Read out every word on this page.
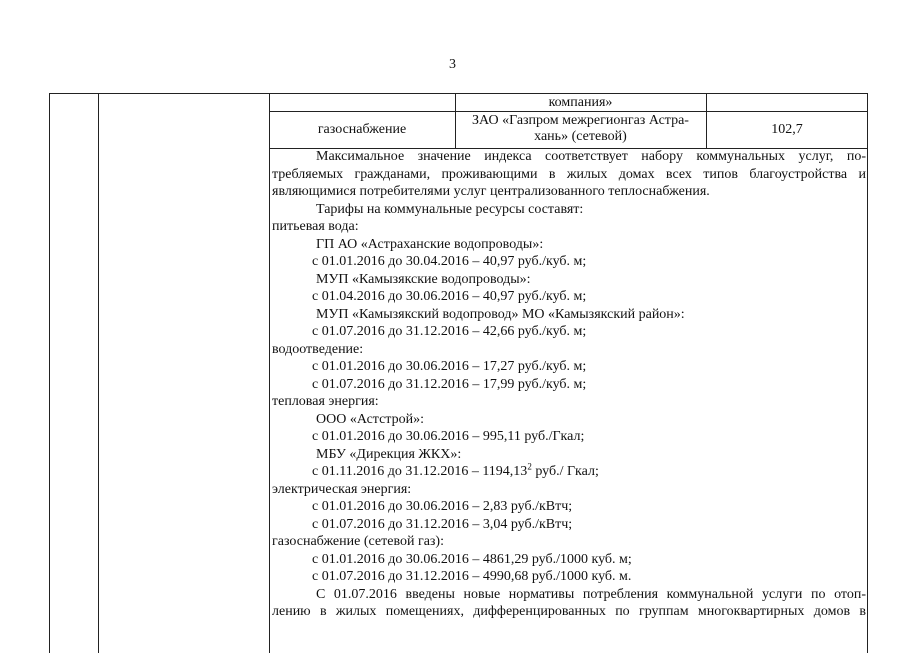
3
компания»
газоснабжение
ЗАО «Газпром межрегионгаз Астра-
хань» (сетевой)	102,7
Максимальное значение индекса соответствует набору коммунальных услуг, по-
требляемых гражданами, проживающими в жилых домах всех типов благоустройства и
являющимися потребителями услуг централизованного теплоснабжения.
Тарифы на коммунальные ресурсы составят:
питьевая вода:
ГП АО «Астраханские водопроводы»:
с 01.01.2016 до 30.04.2016 – 40,97 руб./куб. м;
МУП «Камызякские водопроводы»:
с 01.04.2016 до 30.06.2016 – 40,97 руб./куб. м;
МУП «Камызякский водопровод» МО «Камызякский район»:
с 01.07.2016 до 31.12.2016 – 42,66 руб./куб. м;
водоотведение:
с 01.01.2016 до 30.06.2016 – 17,27 руб./куб. м;
с 01.07.2016 до 31.12.2016 – 17,99 руб./куб. м;
тепловая энергия:
ООО «Астстрой»:
с 01.01.2016 до 30.06.2016 – 995,11 руб./Гкал;
МБУ «Дирекция ЖКХ»:
с 01.11.2016 до 31.12.2016 – 1194,13$^2$ руб./ Гкал;
электрическая энергия:
с 01.01.2016 до 30.06.2016 – 2,83 руб./кВтч;
с 01.07.2016 до 31.12.2016 – 3,04 руб./кВтч;
газоснабжение (сетевой газ):
с 01.01.2016 до 30.06.2016 – 4861,29 руб./1000 куб. м;
с 01.07.2016 до 31.12.2016 – 4990,68 руб./1000 куб. м.
С 01.07.2016 введены новые нормативы потребления коммунальной услуги по отоп-
лению в жилых помещениях, дифференцированных по группам многоквартирных домов в
